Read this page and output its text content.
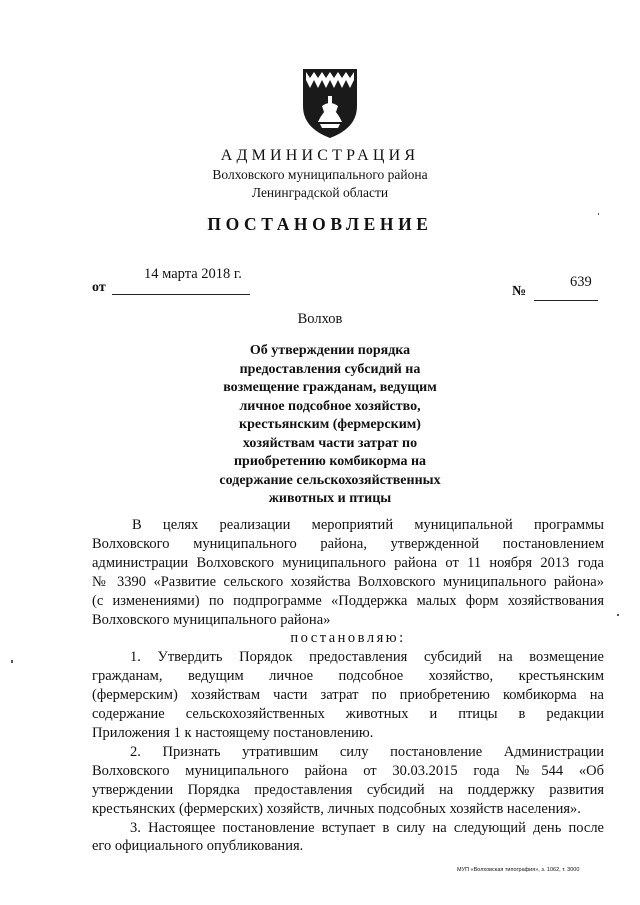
АДМИНИСТРАЦИЯ
Волховского муниципального района
Ленинградской области
ПОСТАНОВЛЕНИЕ
от
14 марта 2018 г.
№
639
Волхов
Об утверждении порядка
предоставления субсидий на
возмещение гражданам, ведущим
личное подсобное хозяйство,
крестьянским (фермерским)
хозяйствам части затрат по
приобретению комбикорма на
содержание сельскохозяйственных
животных и птицы
В целях реализации мероприятий муниципальной программы
Волховского муниципального района, утвержденной постановлением
администрации Волховского муниципального района от 11 ноября 2013 года
№ 3390 «Развитие сельского хозяйства Волховского муниципального района»
(с изменениями) по подпрограмме «Поддержка малых форм хозяйствования
Волховского муниципального района»
постановляю:
1. Утвердить Порядок предоставления субсидий на возмещение
гражданам, ведущим личное подсобное хозяйство, крестьянским
(фермерским) хозяйствам части затрат по приобретению комбикорма на
содержание сельскохозяйственных животных и птицы в редакции
Приложения 1 к настоящему постановлению.
2. Признать утратившим силу постановление Администрации
Волховского муниципального района от 30.03.2015 года №544 «Об
утверждении Порядка предоставления субсидий на поддержку развития
крестьянских (фермерских) хозяйств, личных подсобных хозяйств населения».
3. Настоящее постановление вступает в силу на следующий день после
его официального опубликования.
МУП «Волховская типография», з. 1062, т. 3000
